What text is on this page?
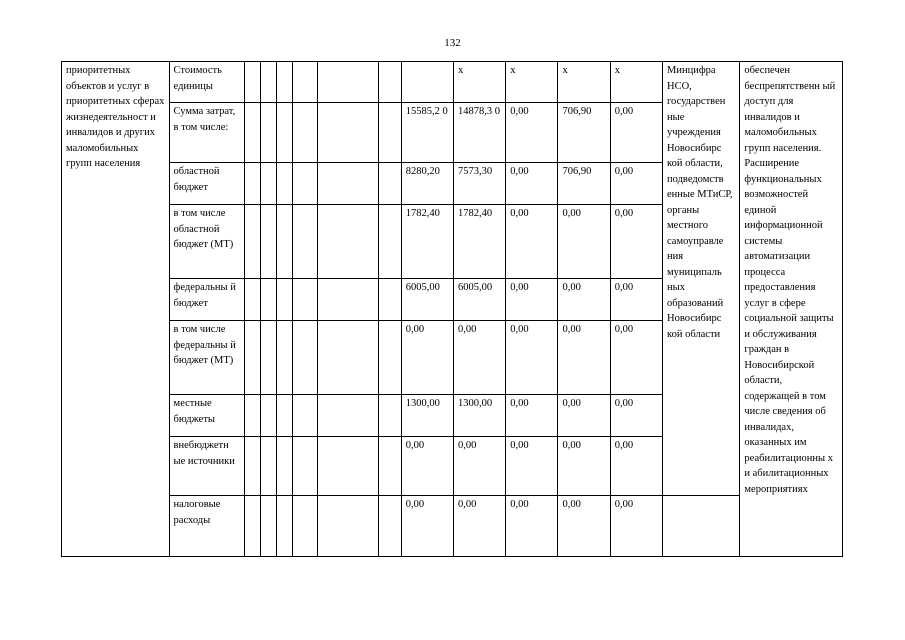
132
приоритетных объектов и услуг в приоритетных сферах жизнедеятельност и инвалидов и других маломобильных групп населения	Стоимость единицы								х	х	х	х	Минцифра НСО, государствен ные учреждения Новосибирс кой области, подведомств енные МТиСР, органы местного самоуправле ния муниципаль ных образований Новосибирс кой области	обеспечен беспрепятственн ый доступ для инвалидов и маломобильных групп населения. Расширение функциональных возможностей единой информационной системы автоматизации процесса предоставления услуг в сфере социальной защиты и обслуживания граждан в Новосибирской области, содержащей в том числе сведения об инвалидах, оказанных им реабилитационны х и абилитационных мероприятиях
	Сумма затрат, в том числе:							15585,2 0	14878,3 0	0,00	706,90	0,00		
	областной бюджет							8280,20	7573,30	0,00	706,90	0,00		
	в том числе областной бюджет (МТ)							1782,40	1782,40	0,00	0,00	0,00		
	федеральны й бюджет							6005,00	6005,00	0,00	0,00	0,00		
	в том числе федеральны й бюджет (МТ)							0,00	0,00	0,00	0,00	0,00		
	местные бюджеты							1300,00	1300,00	0,00	0,00	0,00		
	внебюджетн ые источники							0,00	0,00	0,00	0,00	0,00		
	налоговые расходы							0,00	0,00	0,00	0,00	0,00		
